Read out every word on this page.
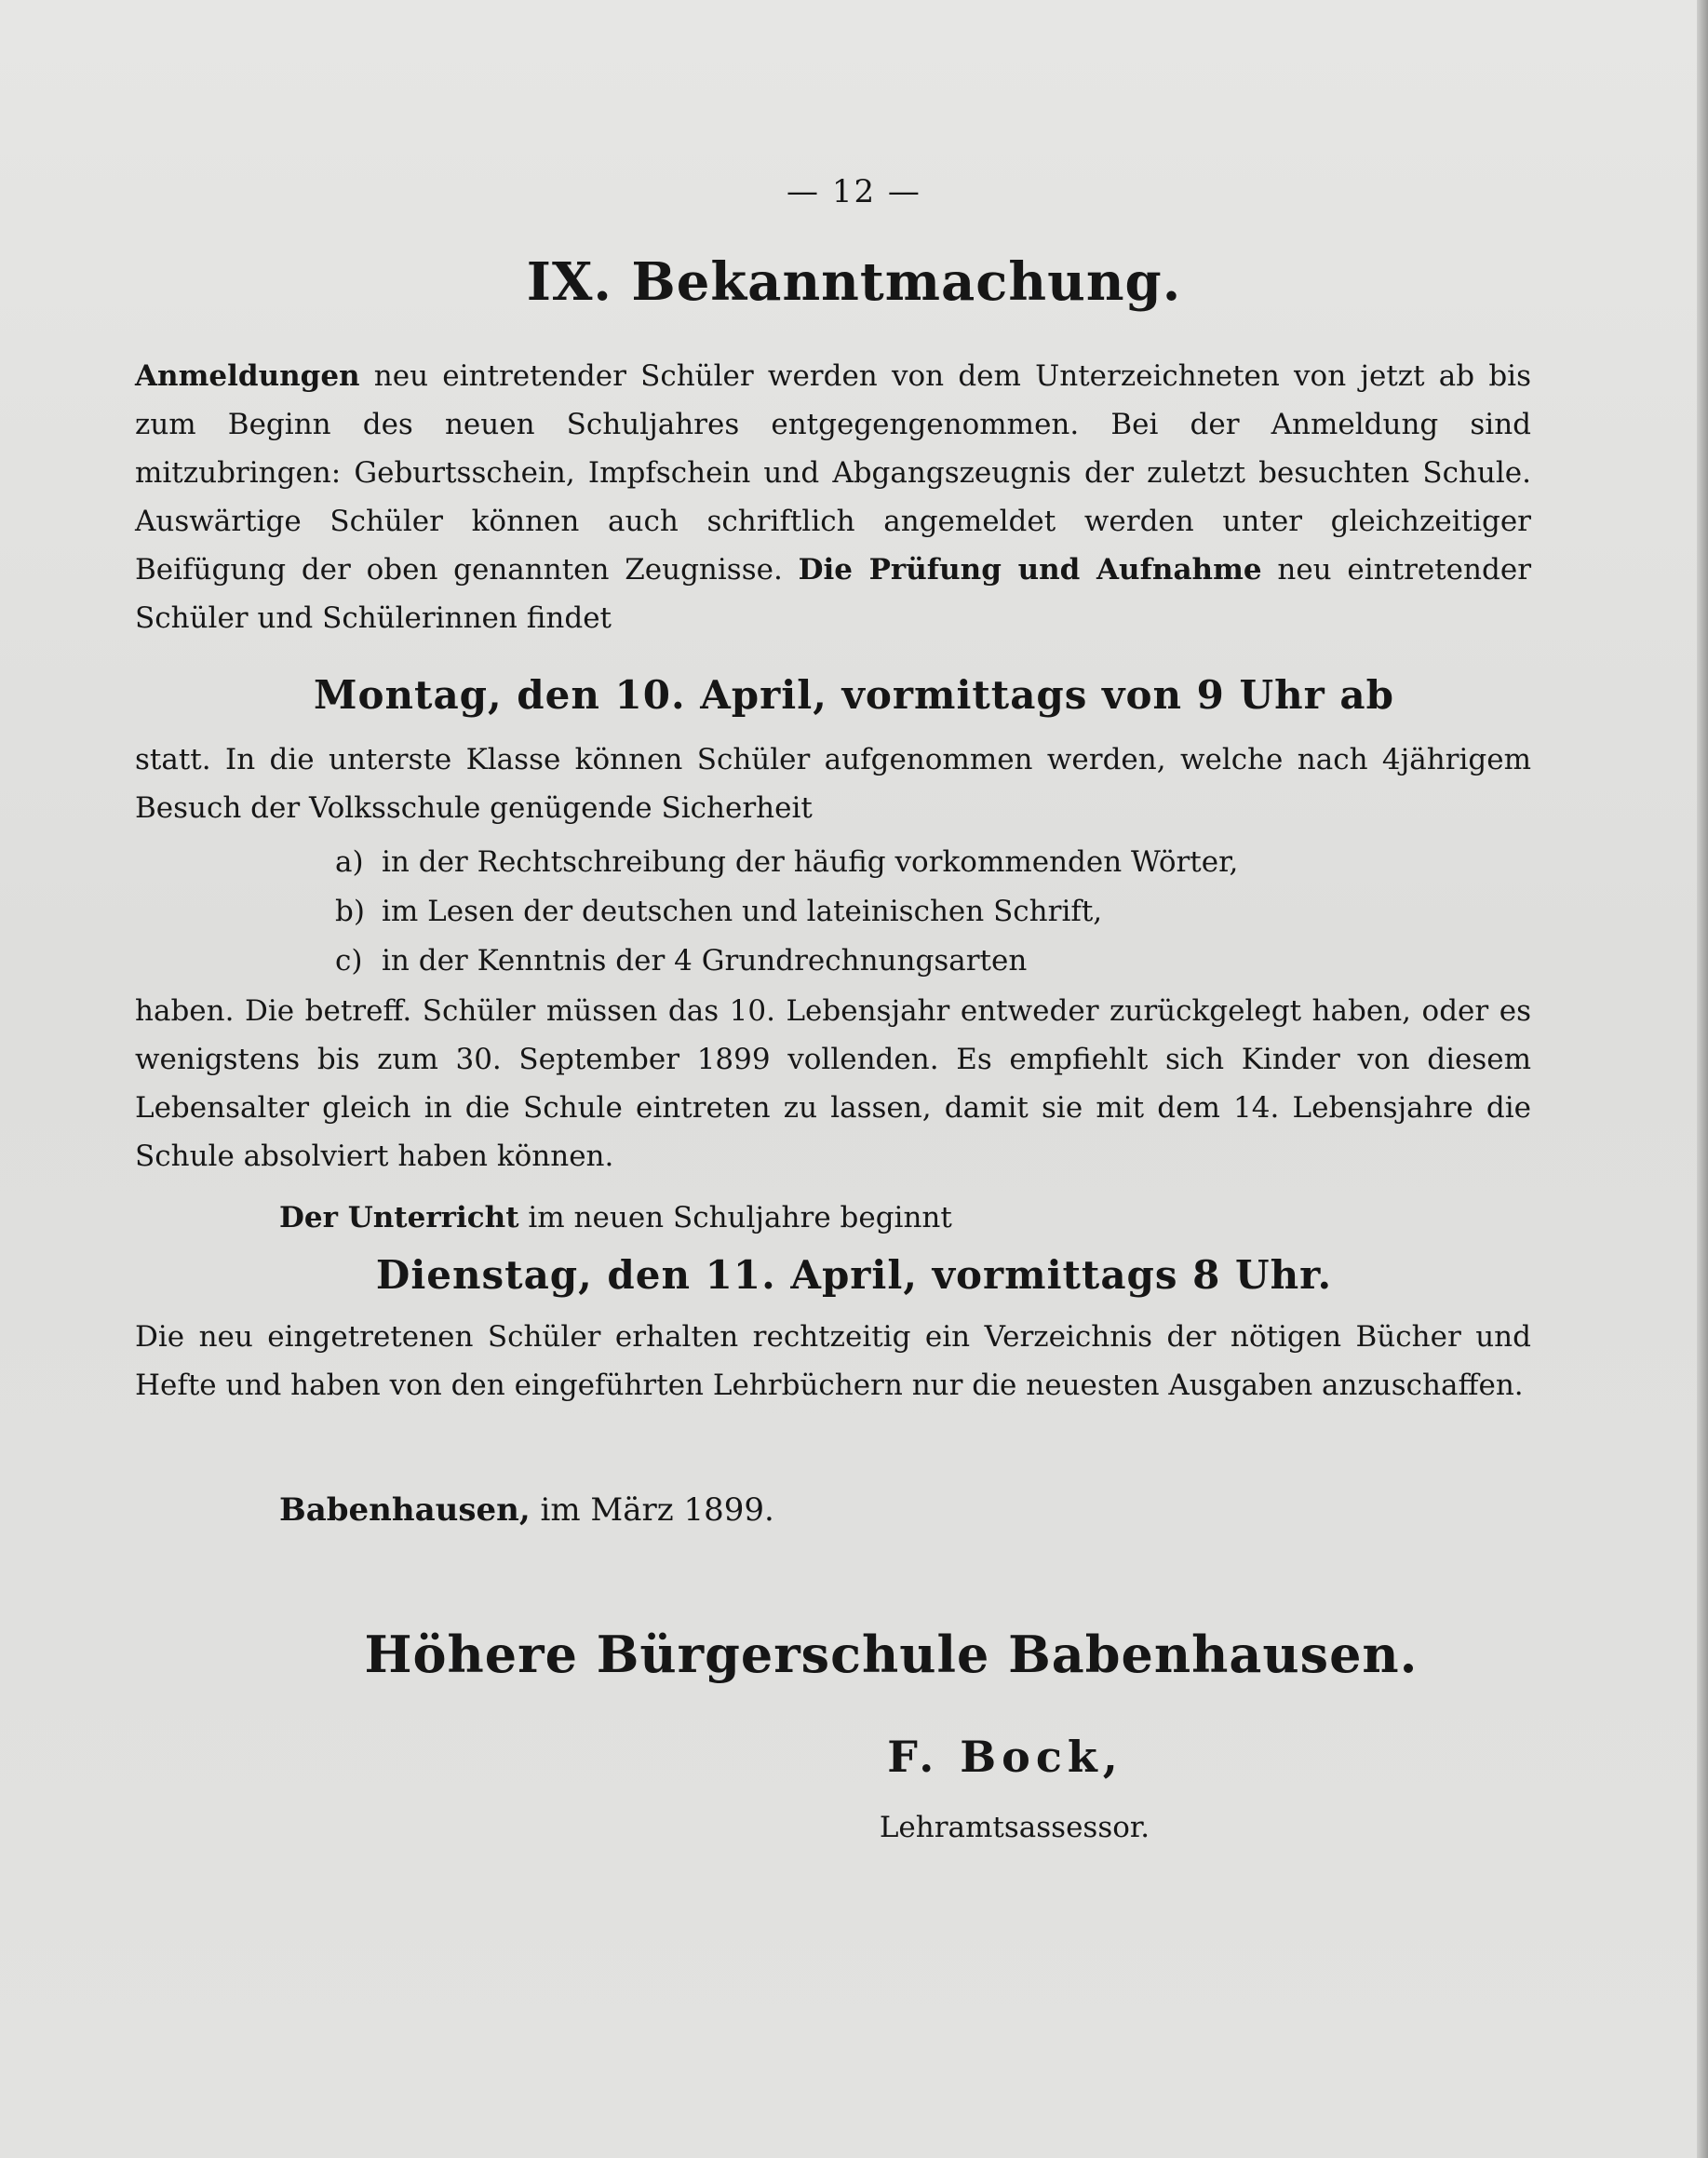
— 12 —
IX. Bekanntmachung.
Anmeldungen neu eintretender Schüler werden von dem Unterzeichneten von jetzt ab bis zum Beginn des neuen Schuljahres entgegengenommen. Bei der Anmeldung sind mitzubringen: Geburtsschein, Impfschein und Abgangszeugnis der zuletzt besuchten Schule. Auswärtige Schüler können auch schriftlich angemeldet werden unter gleichzeitiger Beifügung der oben genannten Zeugnisse. Die Prüfung und Aufnahme neu eintretender Schüler und Schülerinnen findet
Montag, den 10. April, vormittags von 9 Uhr ab
statt. In die unterste Klasse können Schüler aufgenommen werden, welche nach 4jährigem Besuch der Volksschule genügende Sicherheit
a) in der Rechtschreibung der häufig vorkommenden Wörter,
b) im Lesen der deutschen und lateinischen Schrift,
c) in der Kenntnis der 4 Grundrechnungsarten
haben. Die betreff. Schüler müssen das 10. Lebensjahr entweder zurückgelegt haben, oder es wenigstens bis zum 30. September 1899 vollenden. Es empfiehlt sich Kinder von diesem Lebensalter gleich in die Schule eintreten zu lassen, damit sie mit dem 14. Lebensjahre die Schule absolviert haben können.
Der Unterricht im neuen Schuljahre beginnt
Dienstag, den 11. April, vormittags 8 Uhr.
Die neu eingetretenen Schüler erhalten rechtzeitig ein Verzeichnis der nötigen Bücher und Hefte und haben von den eingeführten Lehrbüchern nur die neuesten Ausgaben anzuschaffen.
Babenhausen, im März 1899.
Höhere Bürgerschule Babenhausen.
F. Bock,
Lehramtsassessor.
